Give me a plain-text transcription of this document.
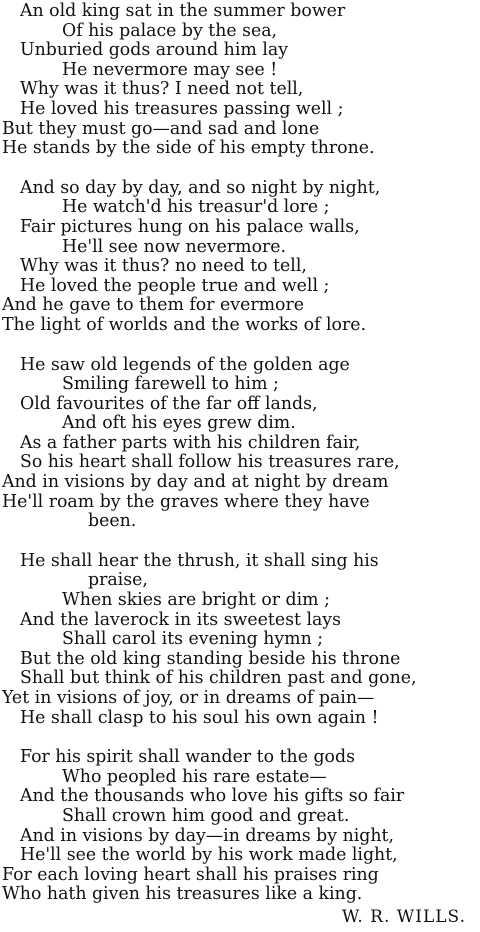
An old king sat in the summer bower
Of his palace by the sea,
Unburied gods around him lay
He nevermore may see !
Why was it thus? I need not tell,
He loved his treasures passing well ;
But they must go—and sad and lone
He stands by the side of his empty throne.
And so day by day, and so night by night,
He watch'd his treasur'd lore ;
Fair pictures hung on his palace walls,
He'll see now nevermore.
Why was it thus? no need to tell,
He loved the people true and well ;
And he gave to them for evermore
The light of worlds and the works of lore.
He saw old legends of the golden age
Smiling farewell to him ;
Old favourites of the far off lands,
And oft his eyes grew dim.
As a father parts with his children fair,
So his heart shall follow his treasures rare,
And in visions by day and at night by dream
He'll roam by the graves where they have
been.
He shall hear the thrush, it shall sing his
praise,
When skies are bright or dim ;
And the laverock in its sweetest lays
Shall carol its evening hymn ;
But the old king standing beside his throne
Shall but think of his children past and gone,
Yet in visions of joy, or in dreams of pain—
He shall clasp to his soul his own again !
For his spirit shall wander to the gods
Who peopled his rare estate—
And the thousands who love his gifts so fair
Shall crown him good and great.
And in visions by day—in dreams by night,
He'll see the world by his work made light,
For each loving heart shall his praises ring
Who hath given his treasures like a king.
W. R. WILLS.
